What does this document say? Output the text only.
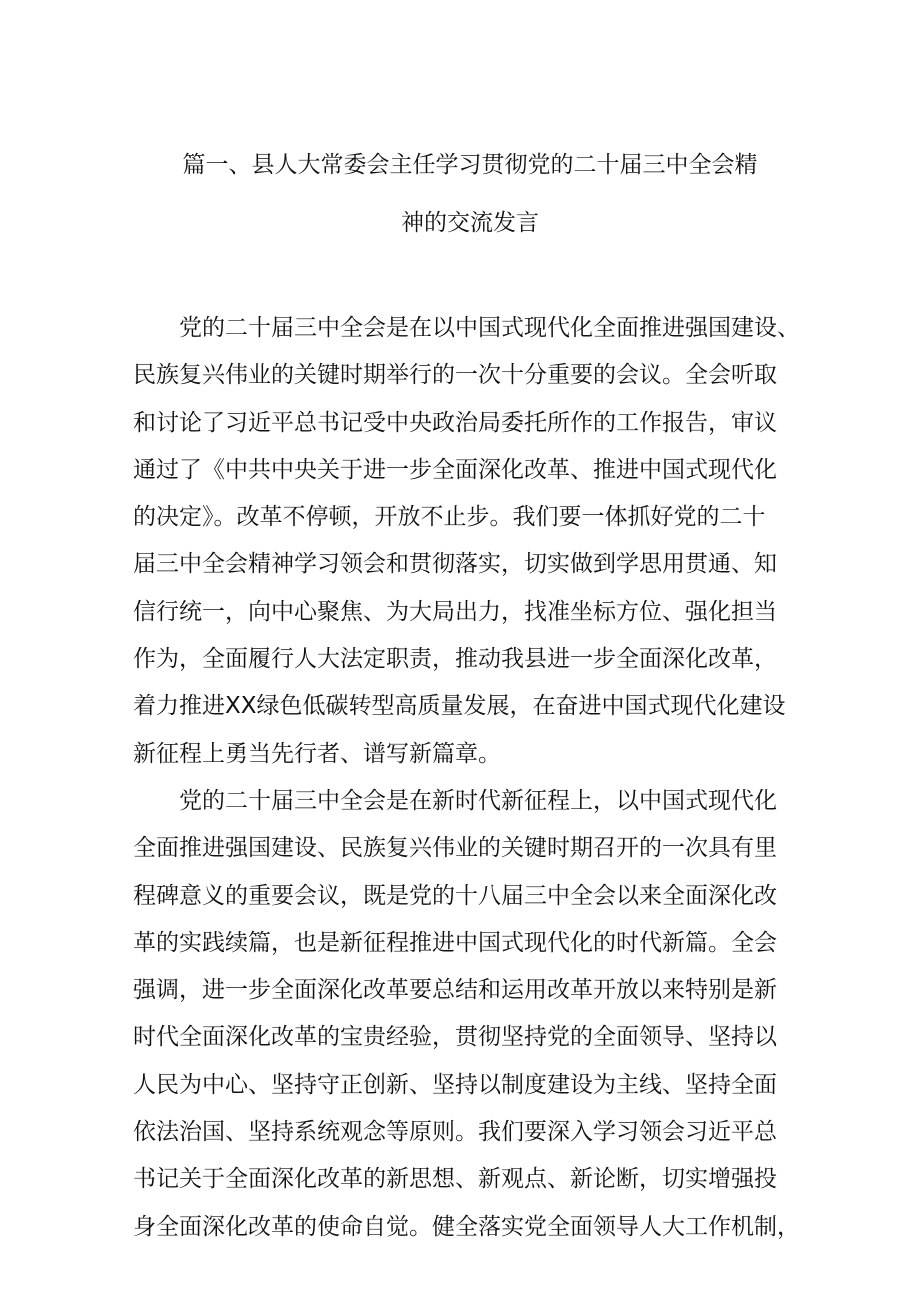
篇一、县人大常委会主任学习贯彻党的二十届三中全会精
神的交流发言
党的二十届三中全会是在以中国式现代化全面推进强国建设、
民族复兴伟业的关键时期举行的一次十分重要的会议。全会听取
和讨论了习近平总书记受中央政治局委托所作的工作报告，审议
通过了《中共中央关于进一步全面深化改革、推进中国式现代化
的决定》。改革不停顿，开放不止步。我们要一体抓好党的二十
届三中全会精神学习领会和贯彻落实，切实做到学思用贯通、知
信行统一，向中心聚焦、为大局出力，找准坐标方位、强化担当
作为，全面履行人大法定职责，推动我县进一步全面深化改革，
着力推进XX绿色低碳转型高质量发展，在奋进中国式现代化建设
新征程上勇当先行者、谱写新篇章。
党的二十届三中全会是在新时代新征程上，以中国式现代化
全面推进强国建设、民族复兴伟业的关键时期召开的一次具有里
程碑意义的重要会议，既是党的十八届三中全会以来全面深化改
革的实践续篇，也是新征程推进中国式现代化的时代新篇。全会
强调，进一步全面深化改革要总结和运用改革开放以来特别是新
时代全面深化改革的宝贵经验，贯彻坚持党的全面领导、坚持以
人民为中心、坚持守正创新、坚持以制度建设为主线、坚持全面
依法治国、坚持系统观念等原则。我们要深入学习领会习近平总
书记关于全面深化改革的新思想、新观点、新论断，切实增强投
身全面深化改革的使命自觉。健全落实党全面领导人大工作机制，
